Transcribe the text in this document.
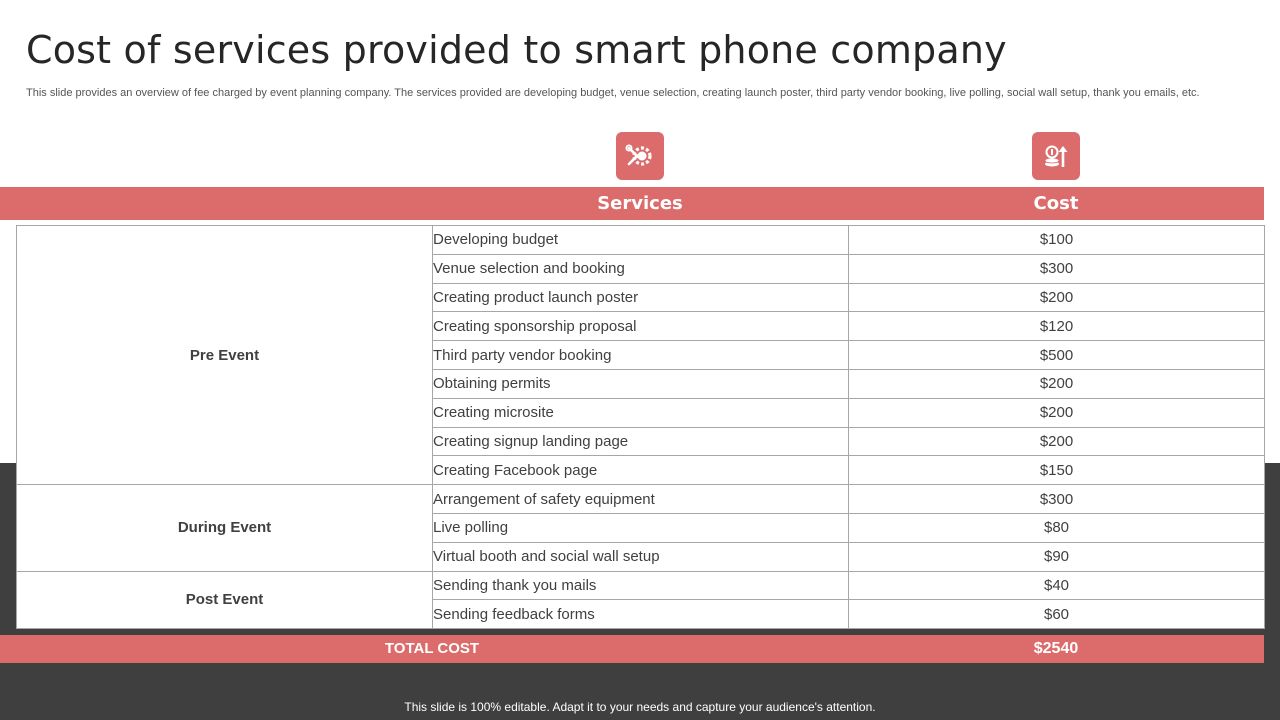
Cost of services provided to smart phone company

This slide provides an overview of fee charged by event planning company. The services provided are developing budget, venue selection, creating launch poster, third party vendor booking, live polling, social wall setup, thank you emails, etc.

Services	Cost
Pre Event	Developing budget	$100
	Venue selection and booking	$300
	Creating product launch poster	$200
	Creating sponsorship proposal	$120
	Third party vendor booking	$500
	Obtaining permits	$200
	Creating microsite	$200
	Creating signup landing page	$200
	Creating Facebook page	$150
During Event	Arrangement of safety equipment	$300
	Live polling	$80
	Virtual booth and social wall setup	$90
Post Event	Sending thank you mails	$40
	Sending feedback forms	$60
TOTAL COST	$2540
This slide is 100% editable. Adapt it to your needs and capture your audience's attention.
